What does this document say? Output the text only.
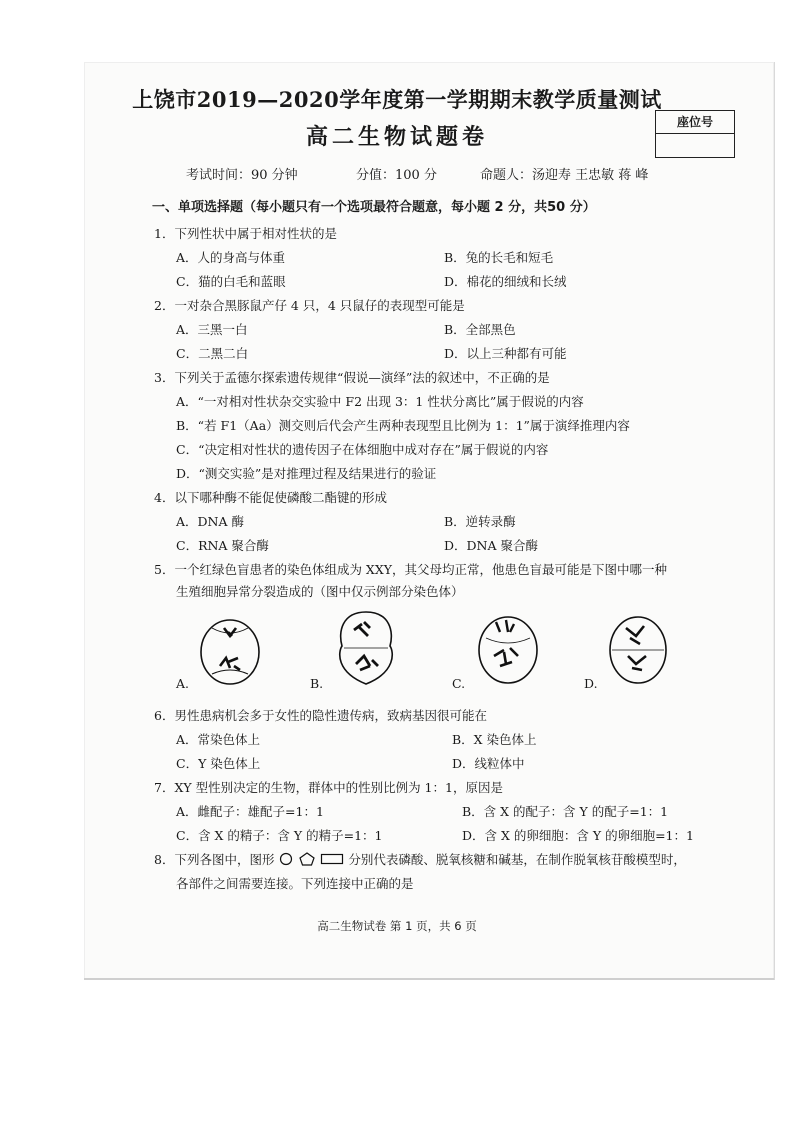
上饶市2019—2020学年度第一学期期末教学质量测试
高二生物试题卷
座位号
考试时间：90 分钟	分值：100 分	命题人：汤迎寿 王忠敏 蒋 峰
一、单项选择题（每小题只有一个选项最符合题意，每小题 2 分，共50 分）
1．下列性状中属于相对性状的是
A．人的身高与体重	B．兔的长毛和短毛
C．猫的白毛和蓝眼	D．棉花的细绒和长绒
2．一对杂合黑豚鼠产仔 4 只，4 只鼠仔的表现型可能是
A．三黑一白	B．全部黑色
C．二黑二白	D．以上三种都有可能
3．下列关于孟德尔探索遗传规律“假说—演绎”法的叙述中，不正确的是
A．“一对相对性状杂交实验中 F2 出现 3：1 性状分离比”属于假说的内容
B．“若 F1（Aa）测交则后代会产生两种表现型且比例为 1：1”属于演绎推理内容
C．“决定相对性状的遗传因子在体细胞中成对存在”属于假说的内容
D．“测交实验”是对推理过程及结果进行的验证
4．以下哪种酶不能促使磷酸二酯键的形成
A．DNA 酶	B．逆转录酶
C．RNA 聚合酶	D．DNA 聚合酶
5．一个红绿色盲患者的染色体组成为 XXY，其父母均正常，他患色盲最可能是下图中哪一种
生殖细胞异常分裂造成的（图中仅示例部分染色体）
A.	B.	C.	D.
6．男性患病机会多于女性的隐性遗传病，致病基因很可能在
A．常染色体上	B．X 染色体上
C．Y 染色体上	D．线粒体中
7．XY 型性别决定的生物，群体中的性别比例为 1：1，原因是
A．雌配子：雄配子=1：1	B．含 X 的配子：含 Y 的配子=1：1
C．含 X 的精子：含 Y 的精子=1：1	D．含 X 的卵细胞：含 Y 的卵细胞=1：1
8．下列各图中，图形	分别代表磷酸、脱氧核糖和碱基，在制作脱氧核苷酸模型时，
各部件之间需要连接。下列连接中正确的是
高二生物试卷 第 1 页，共 6 页
